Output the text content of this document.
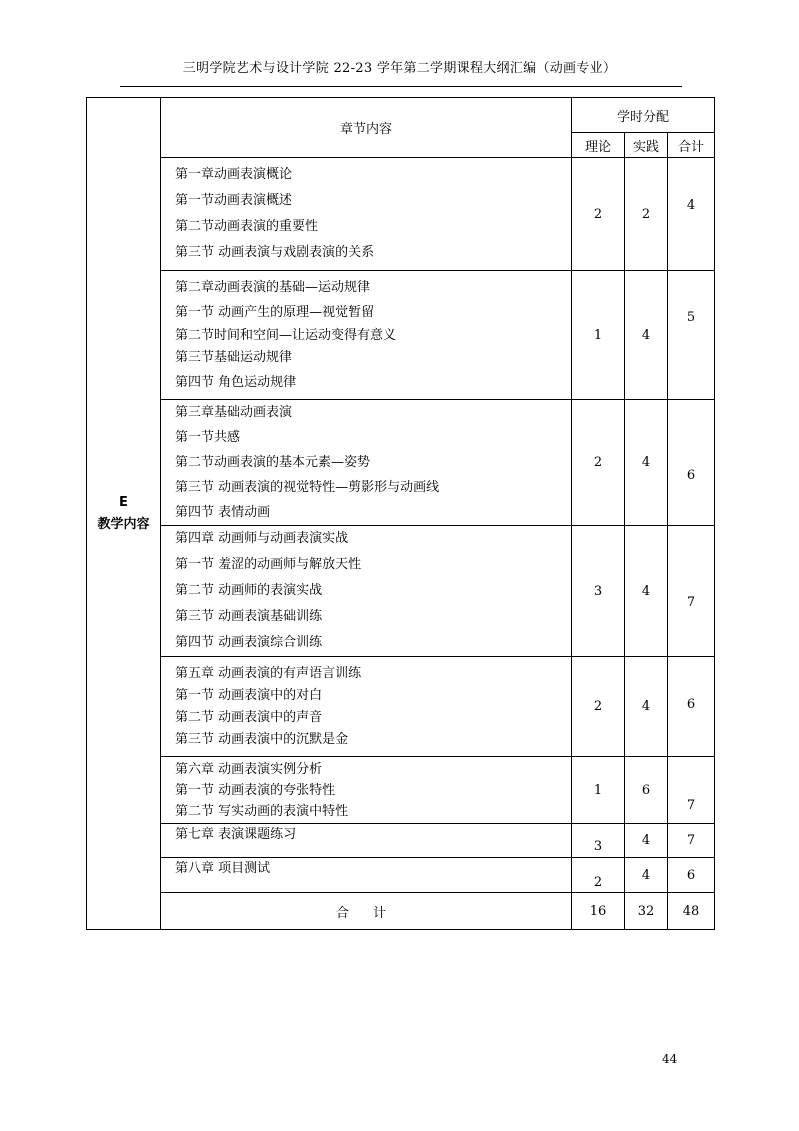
三明学院艺术与设计学院 22-23 学年第二学期课程大纲汇编（动画专业）
E
教学内容	章节内容	学时分配		
		理论	实践	合计

	第一章动画表演概论
第一节动画表演概述
第二节动画表演的重要性
第三节 动画表演与戏剧表演的关系	2	2	4

	第二章动画表演的基础—运动规律
第一节 动画产生的原理—视觉暂留
第二节时间和空间—让运动变得有意义
第三节基础运动规律
第四节 角色运动规律	1	4	5

	第三章基础动画表演
第一节共感
第二节动画表演的基本元素—姿势
第三节 动画表演的视觉特性—剪影形与动画线
第四节 表情动画	2	4	6

	第四章 动画师与动画表演实战
第一节 羞涩的动画师与解放天性
第二节 动画师的表演实战
第三节 动画表演基础训练
第四节 动画表演综合训练	3	4	7

	第五章 动画表演的有声语言训练
第一节 动画表演中的对白
第二节 动画表演中的声音
第三节 动画表演中的沉默是金	2	4	6

	第六章 动画表演实例分析
第一节 动画表演的夸张特性
第二节 写实动画的表演中特性	1	6	7

	第七章 表演课题练习	3	4	7

	第八章 项目测试	2	4	6
	合 计	16	32	48
44
